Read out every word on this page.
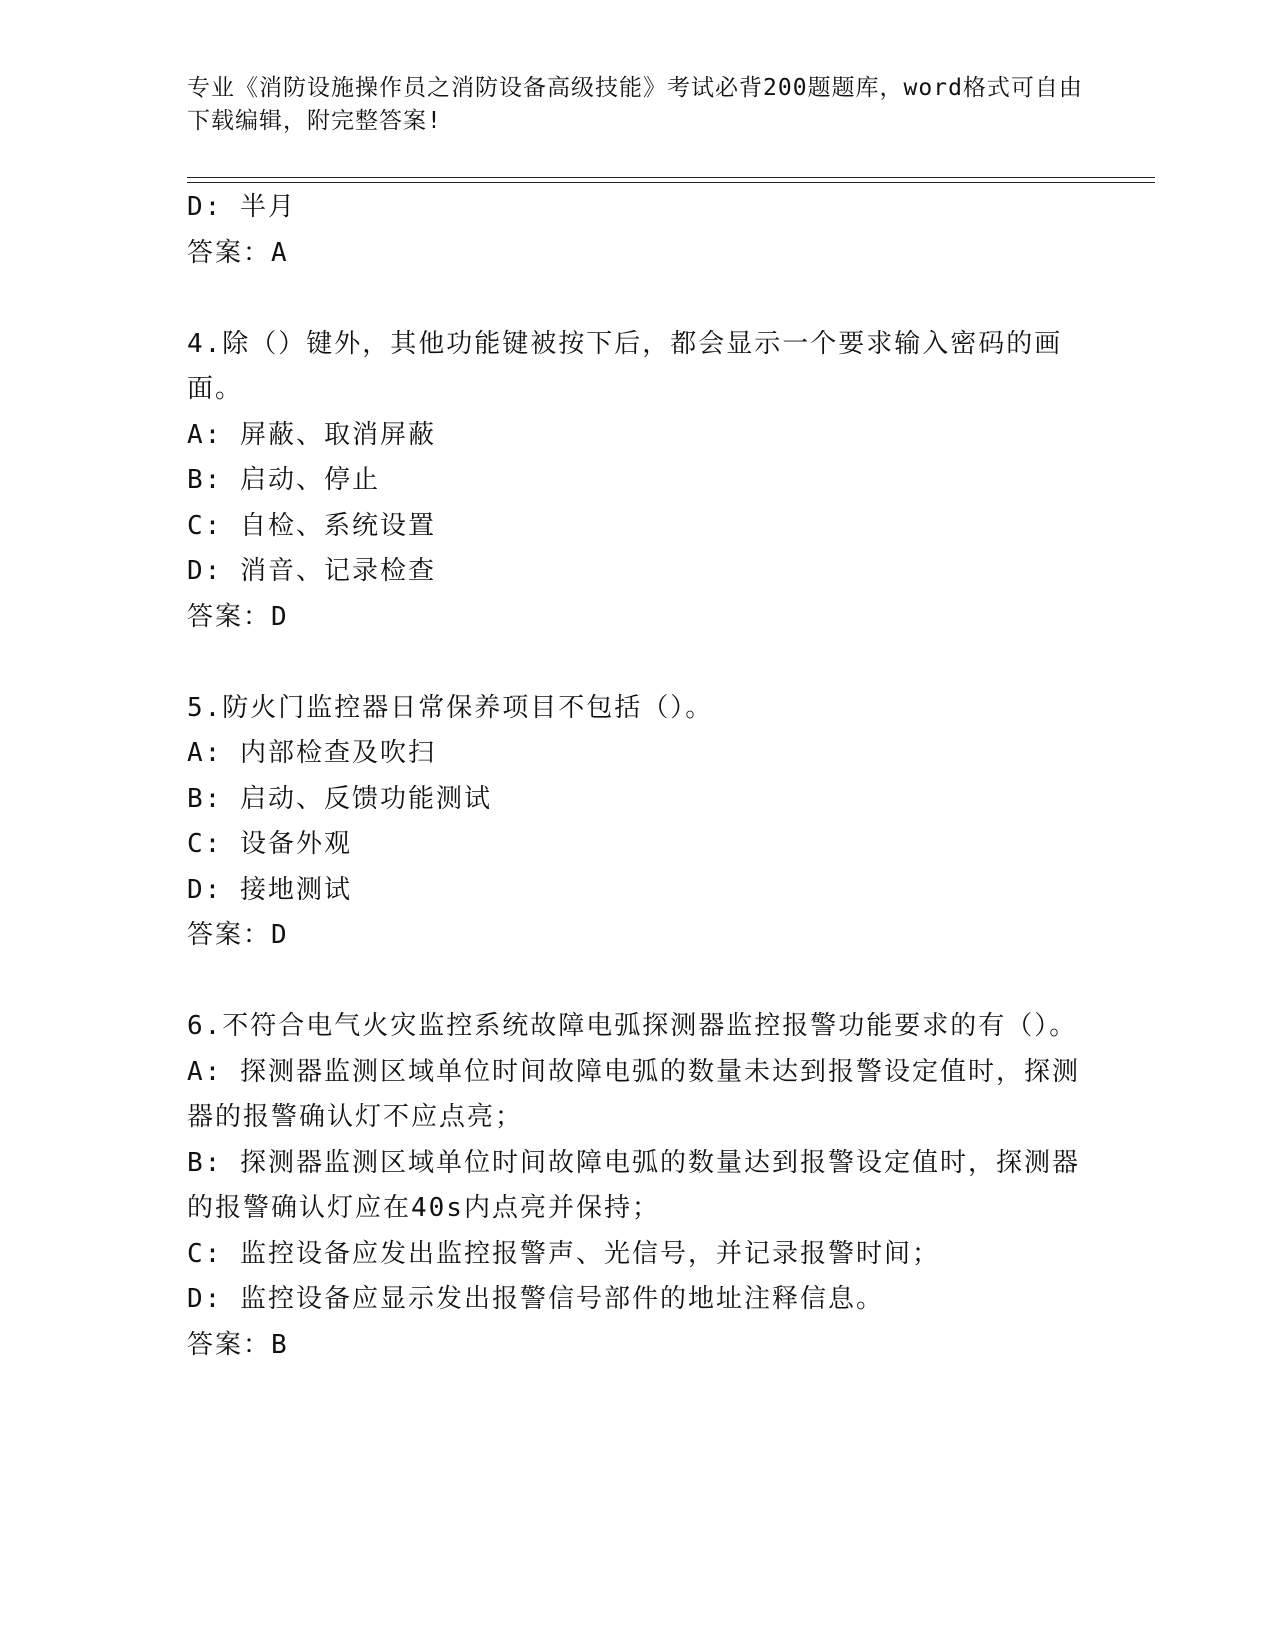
专业《消防设施操作员之消防设备高级技能》考试必背200题题库，word格式可自由下载编辑，附完整答案!
D: 半月
答案：A
4.除（）键外，其他功能键被按下后，都会显示一个要求输入密码的画面。
A: 屏蔽、取消屏蔽
B: 启动、停止
C: 自检、系统设置
D: 消音、记录检查
答案：D
5.防火门监控器日常保养项目不包括（）。
A: 内部检查及吹扫
B: 启动、反馈功能测试
C: 设备外观
D: 接地测试
答案：D
6.不符合电气火灾监控系统故障电弧探测器监控报警功能要求的有（）。
A: 探测器监测区域单位时间故障电弧的数量未达到报警设定值时，探测器的报警确认灯不应点亮；
B: 探测器监测区域单位时间故障电弧的数量达到报警设定值时，探测器的报警确认灯应在40s内点亮并保持；
C: 监控设备应发出监控报警声、光信号，并记录报警时间；
D: 监控设备应显示发出报警信号部件的地址注释信息。
答案：B
